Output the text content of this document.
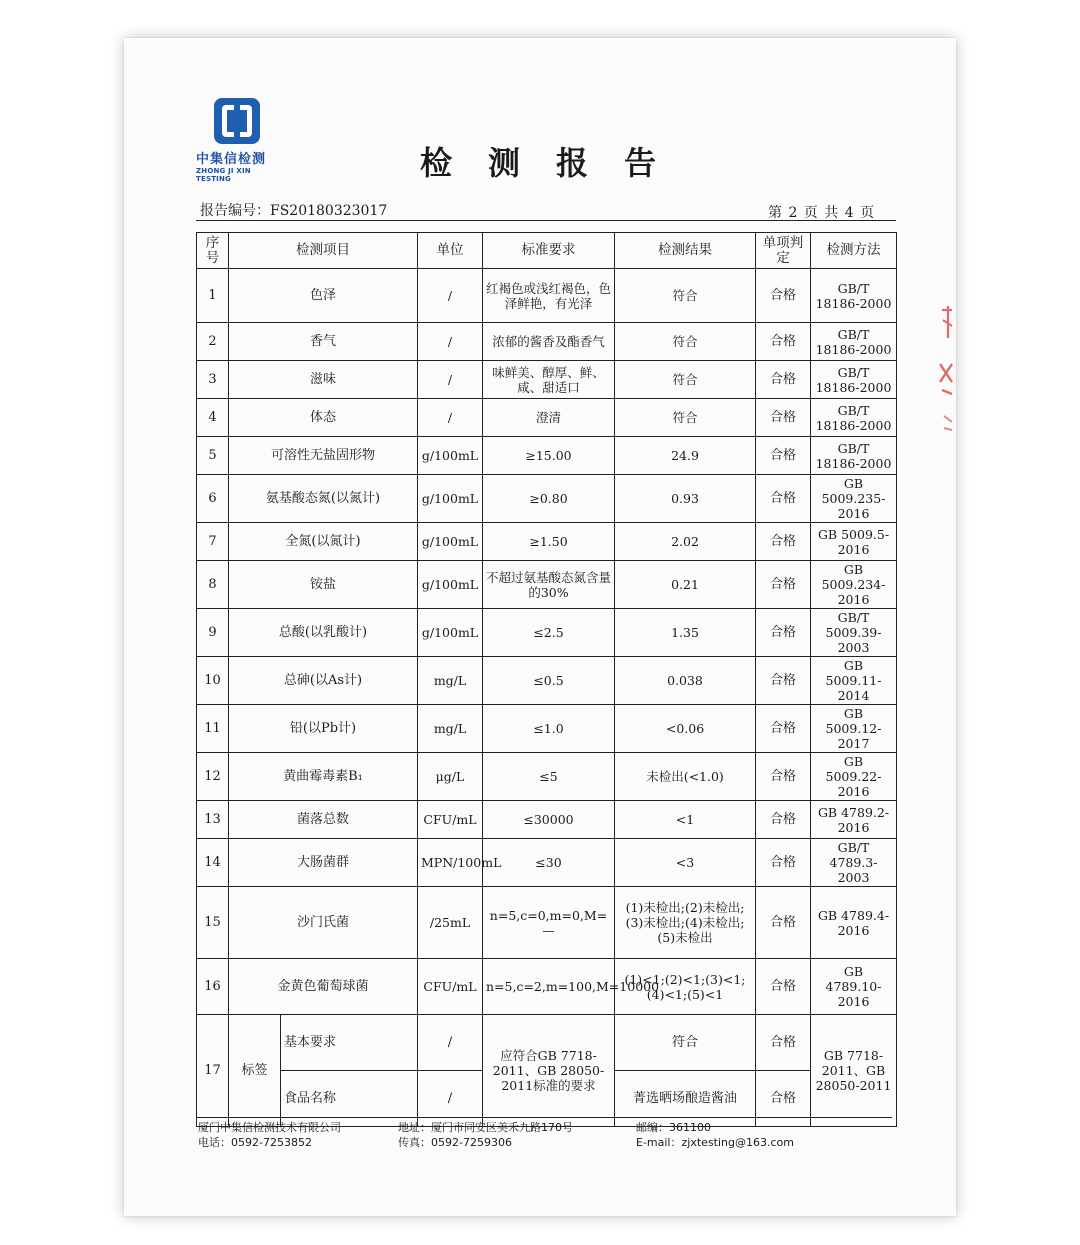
中集信检测
ZHONG JI XIN TESTING	检测报告
报告编号：FS20180323017	第 2 页 共 4 页
序号	检测项目		单位	标准要求	检测结果	单项判定	检测方法
1	色泽		/	红褐色或浅红褐色，色泽鲜艳，有光泽	符合	合格	GB/T 18186-2000
2	香气		/	浓郁的酱香及酯香气	符合	合格	GB/T 18186-2000
3	滋味		/	味鲜美、醇厚、鲜、咸、甜适口	符合	合格	GB/T 18186-2000
4	体态		/	澄清	符合	合格	GB/T 18186-2000
5	可溶性无盐固形物		g/100mL	≥15.00	24.9	合格	GB/T 18186-2000
6	氨基酸态氮(以氮计)		g/100mL	≥0.80	0.93	合格	GB 5009.235-2016
7	全氮(以氮计)		g/100mL	≥1.50	2.02	合格	GB 5009.5-2016
8	铵盐		g/100mL	不超过氨基酸态氮含量的30%	0.21	合格	GB 5009.234-2016
9	总酸(以乳酸计)		g/100mL	≤2.5	1.35	合格	GB/T 5009.39-2003
10	总砷(以As计)		mg/L	≤0.5	0.038	合格	GB 5009.11-2014
11	铅(以Pb计)		mg/L	≤1.0	<0.06	合格	GB 5009.12-2017
12	黄曲霉毒素B₁		μg/L	≤5	未检出(<1.0)	合格	GB 5009.22-2016
13	菌落总数		CFU/mL	≤30000	<1	合格	GB 4789.2-2016
14	大肠菌群		MPN/100mL	≤30	<3	合格	GB/T 4789.3-2003
15	沙门氏菌		/25mL	n=5,c=0,m=0,M=—	(1)未检出;(2)未检出;(3)未检出;(4)未检出;(5)未检出	合格	GB 4789.4-2016
16	金黄色葡萄球菌		CFU/mL	n=5,c=2,m=100,M=10000	(1)<1;(2)<1;(3)<1;(4)<1;(5)<1	合格	GB 4789.10-2016
17	标签	基本要求	/	应符合GB 7718-2011、GB 28050-2011标准的要求	符合	合格	GB 7718-2011、GB 28050-2011
		食品名称	/		菁选晒场酿造酱油	合格	
厦门中集信检测技术有限公司
电话：0592-7253852
地址：厦门市同安区美禾九路170号
传真：0592-7259306
邮编：361100
E-mail：zjxtesting@163.com
